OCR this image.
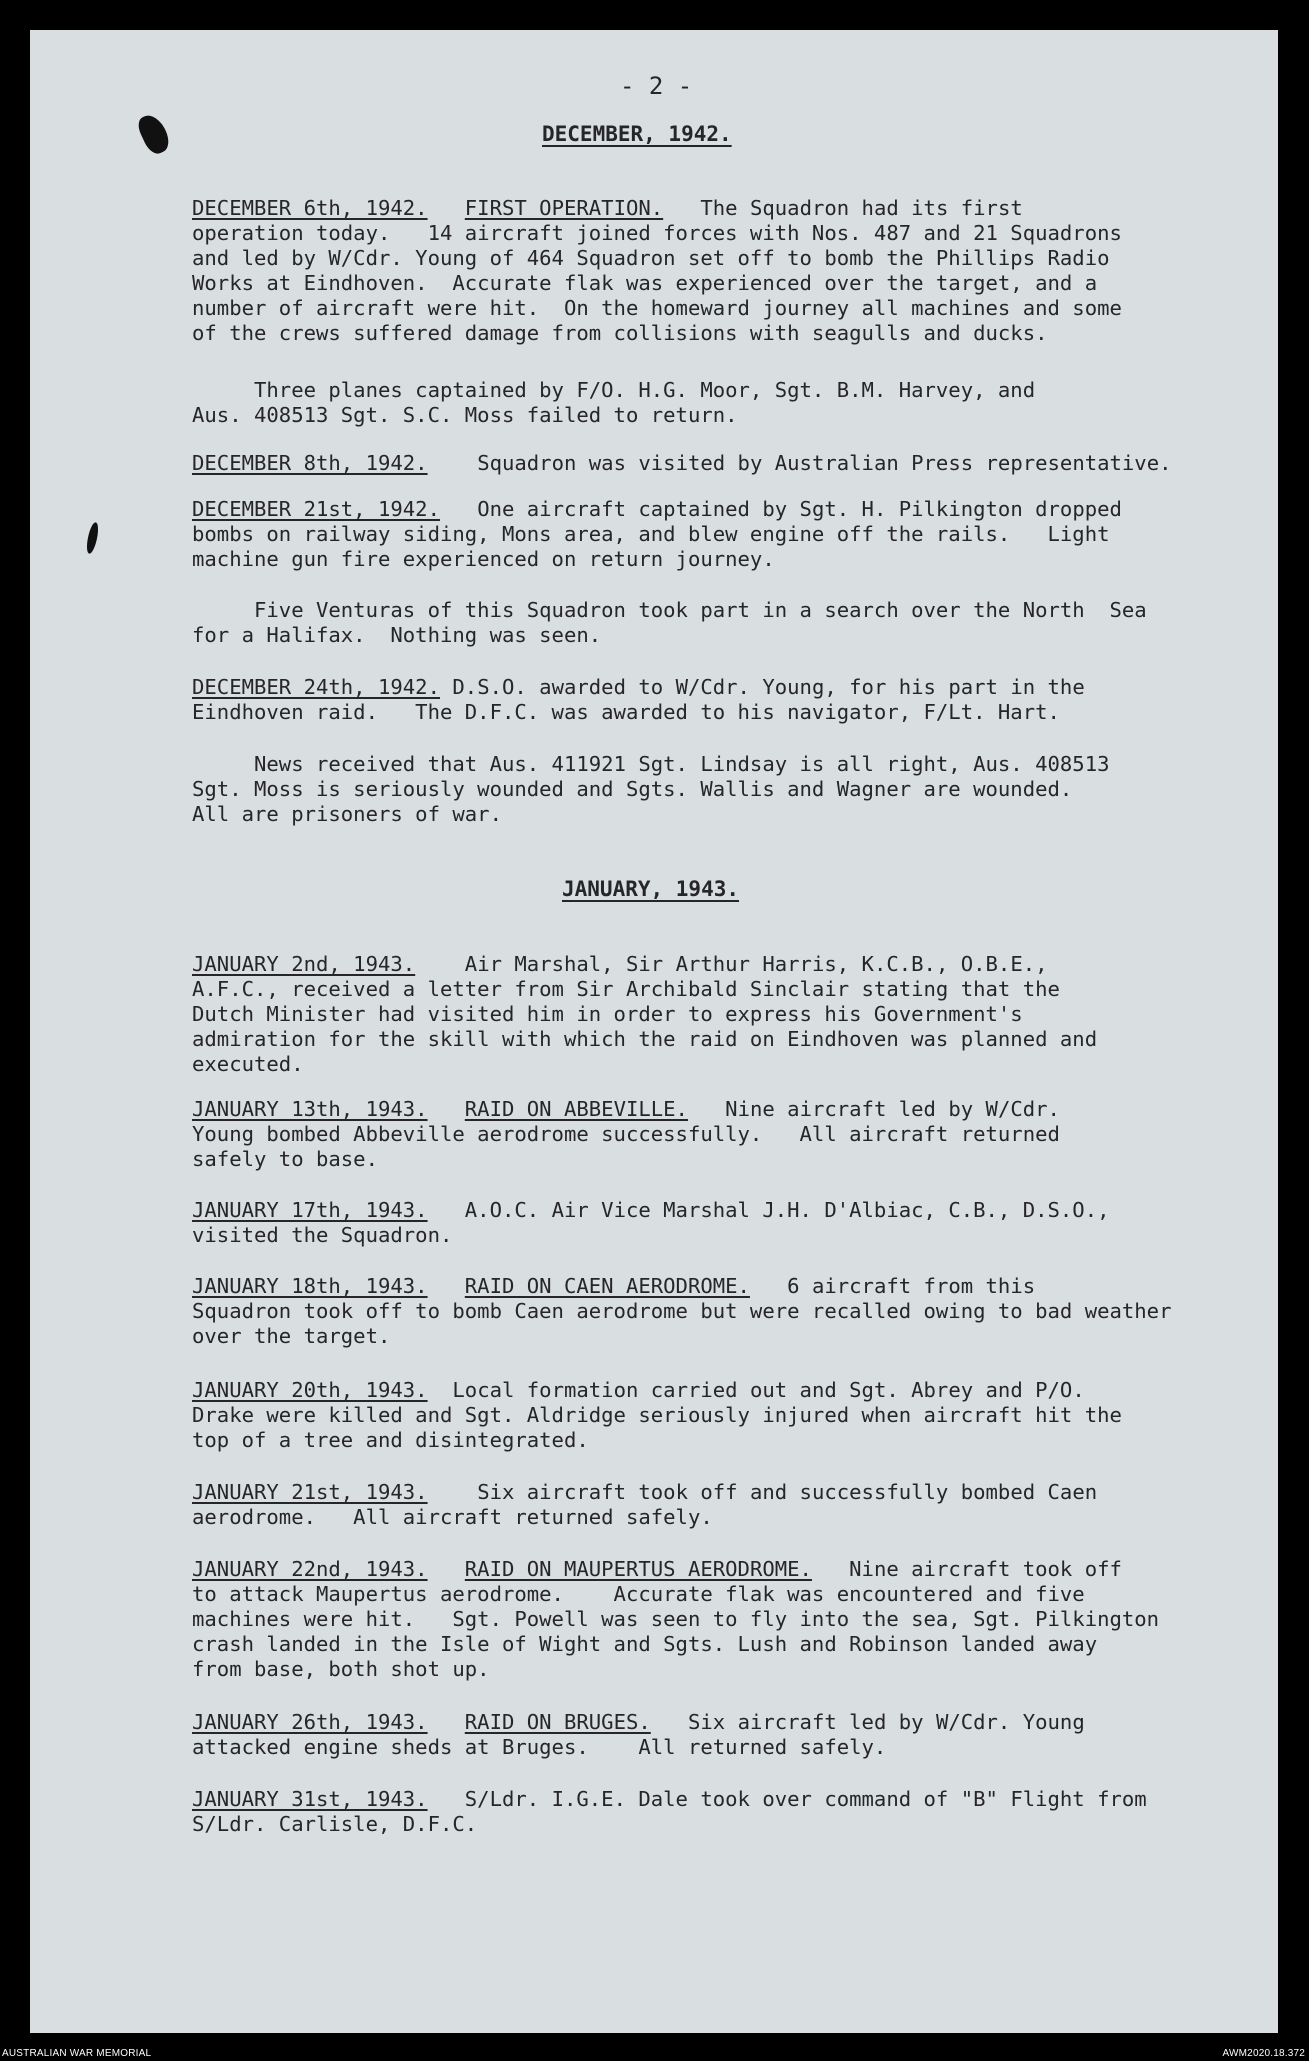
- 2 -
DECEMBER, 1942.
DECEMBER 6th, 1942. FIRST OPERATION. The Squadron had its first
operation today.   14 aircraft joined forces with Nos. 487 and 21 Squadrons
and led by W/Cdr. Young of 464 Squadron set off to bomb the Phillips Radio
Works at Eindhoven.  Accurate flak was experienced over the target, and a
number of aircraft were hit.  On the homeward journey all machines and some
of the crews suffered damage from collisions with seagulls and ducks.
Three planes captained by F/O. H.G. Moor, Sgt. B.M. Harvey, and
Aus. 408513 Sgt. S.C. Moss failed to return.
DECEMBER 8th, 1942. Squadron was visited by Australian Press representative.
DECEMBER 21st, 1942. One aircraft captained by Sgt. H. Pilkington dropped
bombs on railway siding, Mons area, and blew engine off the rails.   Light
machine gun fire experienced on return journey.
Five Venturas of this Squadron took part in a search over the North  Sea
for a Halifax.  Nothing was seen.
DECEMBER 24th, 1942. D.S.O. awarded to W/Cdr. Young, for his part in the
Eindhoven raid.   The D.F.C. was awarded to his navigator, F/Lt. Hart.
News received that Aus. 411921 Sgt. Lindsay is all right, Aus. 408513
Sgt. Moss is seriously wounded and Sgts. Wallis and Wagner are wounded.
All are prisoners of war.
JANUARY, 1943.
JANUARY 2nd, 1943.    Air Marshal, Sir Arthur Harris, K.C.B., O.B.E.,
A.F.C., received a letter from Sir Archibald Sinclair stating that the
Dutch Minister had visited him in order to express his Government's
admiration for the skill with which the raid on Eindhoven was planned and
executed.
JANUARY 13th, 1943. RAID ON ABBEVILLE. Nine aircraft led by W/Cdr.
Young bombed Abbeville aerodrome successfully.   All aircraft returned
safely to base.
JANUARY 17th, 1943. A.O.C. Air Vice Marshal J.H. D'Albiac, C.B., D.S.O.,
visited the Squadron.
JANUARY 18th, 1943. RAID ON CAEN AERODROME. 6 aircraft from this
Squadron took off to bomb Caen aerodrome but were recalled owing to bad weather
over the target.
JANUARY 20th, 1943. Local formation carried out and Sgt. Abrey and P/O.
Drake were killed and Sgt. Aldridge seriously injured when aircraft hit the
top of a tree and disintegrated.
JANUARY 21st, 1943. Six aircraft took off and successfully bombed Caen
aerodrome.   All aircraft returned safely.
JANUARY 22nd, 1943. RAID ON MAUPERTUS AERODROME. Nine aircraft took off
to attack Maupertus aerodrome.    Accurate flak was encountered and five
machines were hit.   Sgt. Powell was seen to fly into the sea, Sgt. Pilkington
crash landed in the Isle of Wight and Sgts. Lush and Robinson landed away
from base, both shot up.
JANUARY 26th, 1943. RAID ON BRUGES. Six aircraft led by W/Cdr. Young
attacked engine sheds at Bruges.    All returned safely.
JANUARY 31st, 1943. S/Ldr. I.G.E. Dale took over command of "B" Flight from
S/Ldr. Carlisle, D.F.C.
AUSTRALIAN WAR MEMORIAL	AWM2020.18.372
